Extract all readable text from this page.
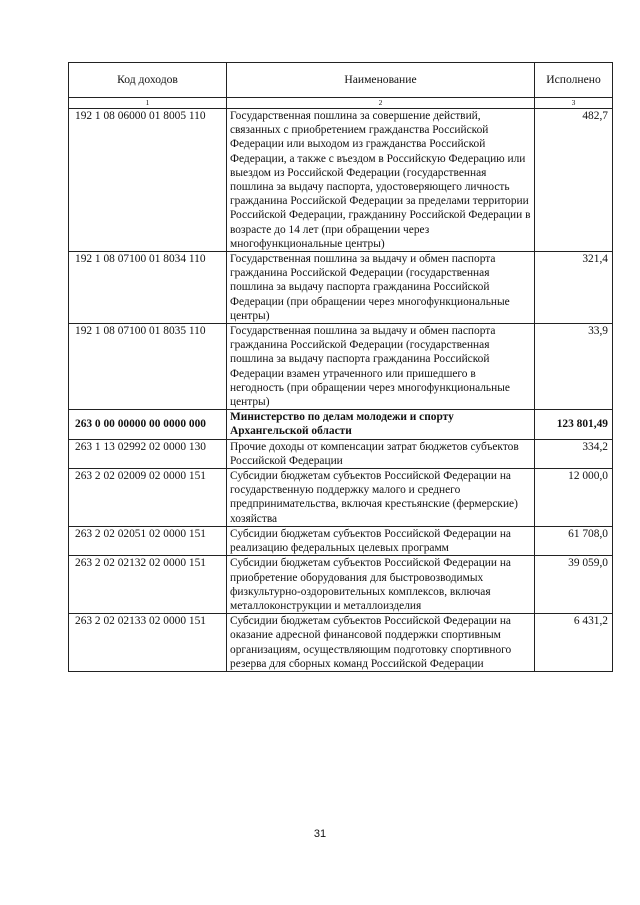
Код доходов	Наименование	Исполнено
1	2	3
192 1 08 06000 01 8005 110	Государственная пошлина за совершение действий, связанных с приобретением гражданства Российской Федерации или выходом из гражданства Российской Федерации, а также с въездом в Российскую Федерацию или выездом из Российской Федерации (государственная пошлина за выдачу паспорта, удостоверяющего личность гражданина Российской Федерации за пределами территории Российской Федерации, гражданину Российской Федерации в возрасте до 14 лет (при обращении через многофункциональные центры)	482,7
192 1 08 07100 01 8034 110	Государственная пошлина за выдачу и обмен паспорта гражданина Российской Федерации (государственная пошлина за выдачу паспорта гражданина Российской Федерации (при обращении через многофункциональные центры)	321,4
192 1 08 07100 01 8035 110	Государственная пошлина за выдачу и обмен паспорта гражданина Российской Федерации (государственная пошлина за выдачу паспорта гражданина Российской Федерации взамен утраченного или пришедшего в негодность (при обращении через многофункциональные центры)	33,9
263 0 00 00000 00 0000 000	Министерство по делам молодежи и спорту Архангельской области	123 801,49
263 1 13 02992 02 0000 130	Прочие доходы от компенсации затрат бюджетов субъектов Российской Федерации	334,2
263 2 02 02009 02 0000 151	Субсидии бюджетам субъектов Российской Федерации на государственную поддержку малого и среднего предпринимательства, включая крестьянские (фермерские) хозяйства	12 000,0
263 2 02 02051 02 0000 151	Субсидии бюджетам субъектов Российской Федерации на реализацию федеральных целевых программ	61 708,0
263 2 02 02132 02 0000 151	Субсидии бюджетам субъектов Российской Федерации на приобретение оборудования для быстровозводимых физкультурно-оздоровительных комплексов, включая металлоконструкции и металлоизделия	39 059,0
263 2 02 02133 02 0000 151	Субсидии бюджетам субъектов Российской Федерации на оказание адресной финансовой поддержки спортивным организациям, осуществляющим подготовку спортивного резерва для сборных команд Российской Федерации	6 431,2
31
